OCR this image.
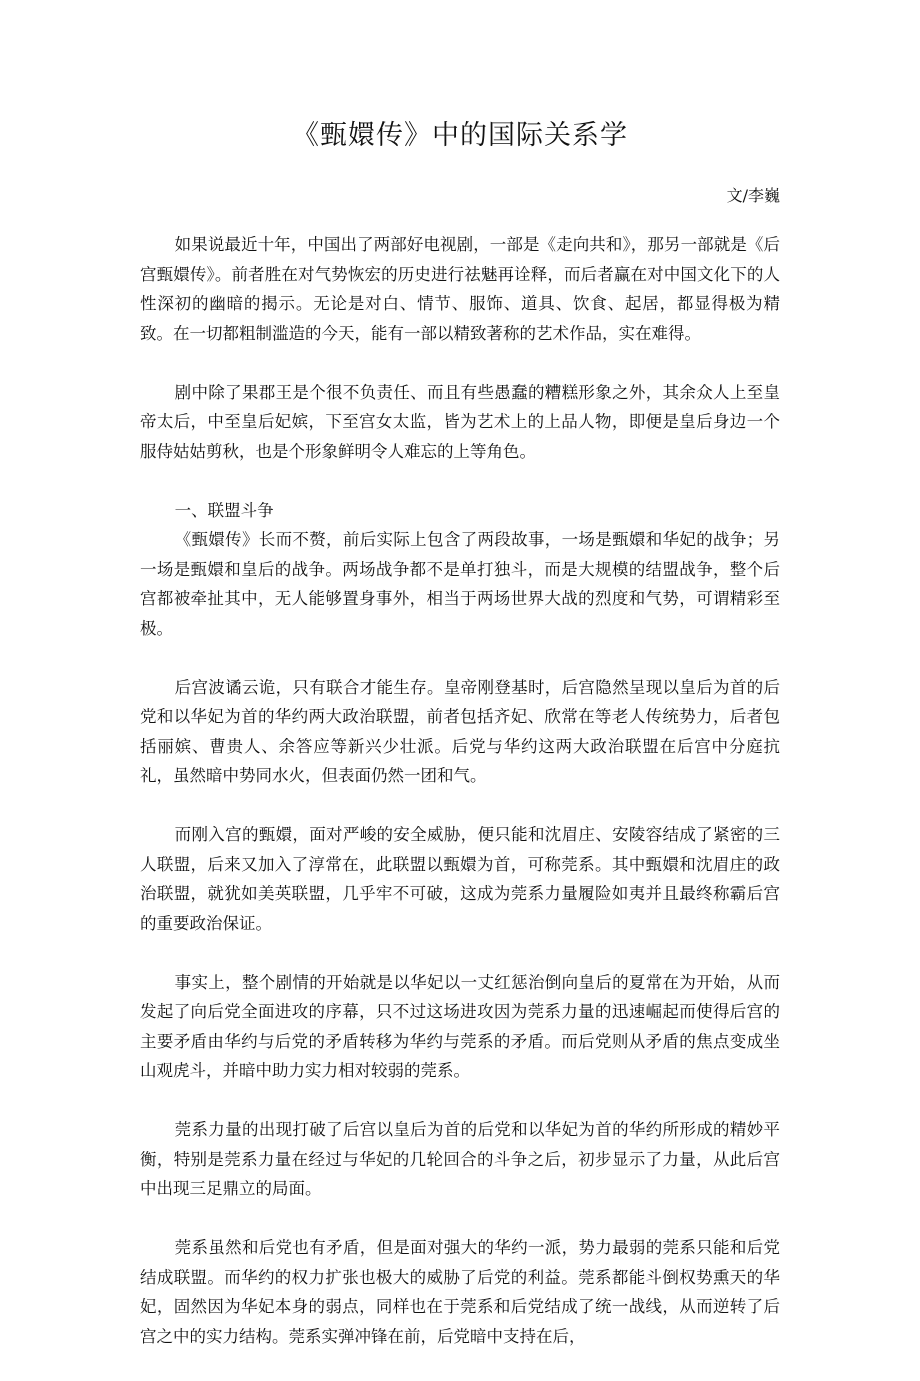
《甄嬛传》中的国际关系学
文/李巍

如果说最近十年，中国出了两部好电视剧，一部是《走向共和》，那另一部就是《后宫甄嬛传》。前者胜在对气势恢宏的历史进行祛魅再诠释，而后者赢在对中国文化下的人性深初的幽暗的揭示。无论是对白、情节、服饰、道具、饮食、起居，都显得极为精致。在一切都粗制滥造的今天，能有一部以精致著称的艺术作品，实在难得。

剧中除了果郡王是个很不负责任、而且有些愚蠢的糟糕形象之外，其余众人上至皇帝太后，中至皇后妃嫔，下至宫女太监，皆为艺术上的上品人物，即便是皇后身边一个服侍姑姑剪秋，也是个形象鲜明令人难忘的上等角色。

一、联盟斗争

《甄嬛传》长而不赘，前后实际上包含了两段故事，一场是甄嬛和华妃的战争；另一场是甄嬛和皇后的战争。两场战争都不是单打独斗，而是大规模的结盟战争，整个后宫都被牵扯其中，无人能够置身事外，相当于两场世界大战的烈度和气势，可谓精彩至极。

后宫波谲云诡，只有联合才能生存。皇帝刚登基时，后宫隐然呈现以皇后为首的后党和以华妃为首的华约两大政治联盟，前者包括齐妃、欣常在等老人传统势力，后者包括丽嫔、曹贵人、余答应等新兴少壮派。后党与华约这两大政治联盟在后宫中分庭抗礼，虽然暗中势同水火，但表面仍然一团和气。

而刚入宫的甄嬛，面对严峻的安全威胁，便只能和沈眉庄、安陵容结成了紧密的三人联盟，后来又加入了淳常在，此联盟以甄嬛为首，可称莞系。其中甄嬛和沈眉庄的政治联盟，就犹如美英联盟，几乎牢不可破，这成为莞系力量履险如夷并且最终称霸后宫的重要政治保证。

事实上，整个剧情的开始就是以华妃以一丈红惩治倒向皇后的夏常在为开始，从而发起了向后党全面进攻的序幕，只不过这场进攻因为莞系力量的迅速崛起而使得后宫的主要矛盾由华约与后党的矛盾转移为华约与莞系的矛盾。而后党则从矛盾的焦点变成坐山观虎斗，并暗中助力实力相对较弱的莞系。

莞系力量的出现打破了后宫以皇后为首的后党和以华妃为首的华约所形成的精妙平衡，特别是莞系力量在经过与华妃的几轮回合的斗争之后，初步显示了力量，从此后宫中出现三足鼎立的局面。

莞系虽然和后党也有矛盾，但是面对强大的华约一派，势力最弱的莞系只能和后党结成联盟。而华约的权力扩张也极大的威胁了后党的利益。莞系都能斗倒权势熏天的华妃，固然因为华妃本身的弱点，同样也在于莞系和后党结成了统一战线，从而逆转了后宫之中的实力结构。莞系实弹冲锋在前，后党暗中支持在后，
